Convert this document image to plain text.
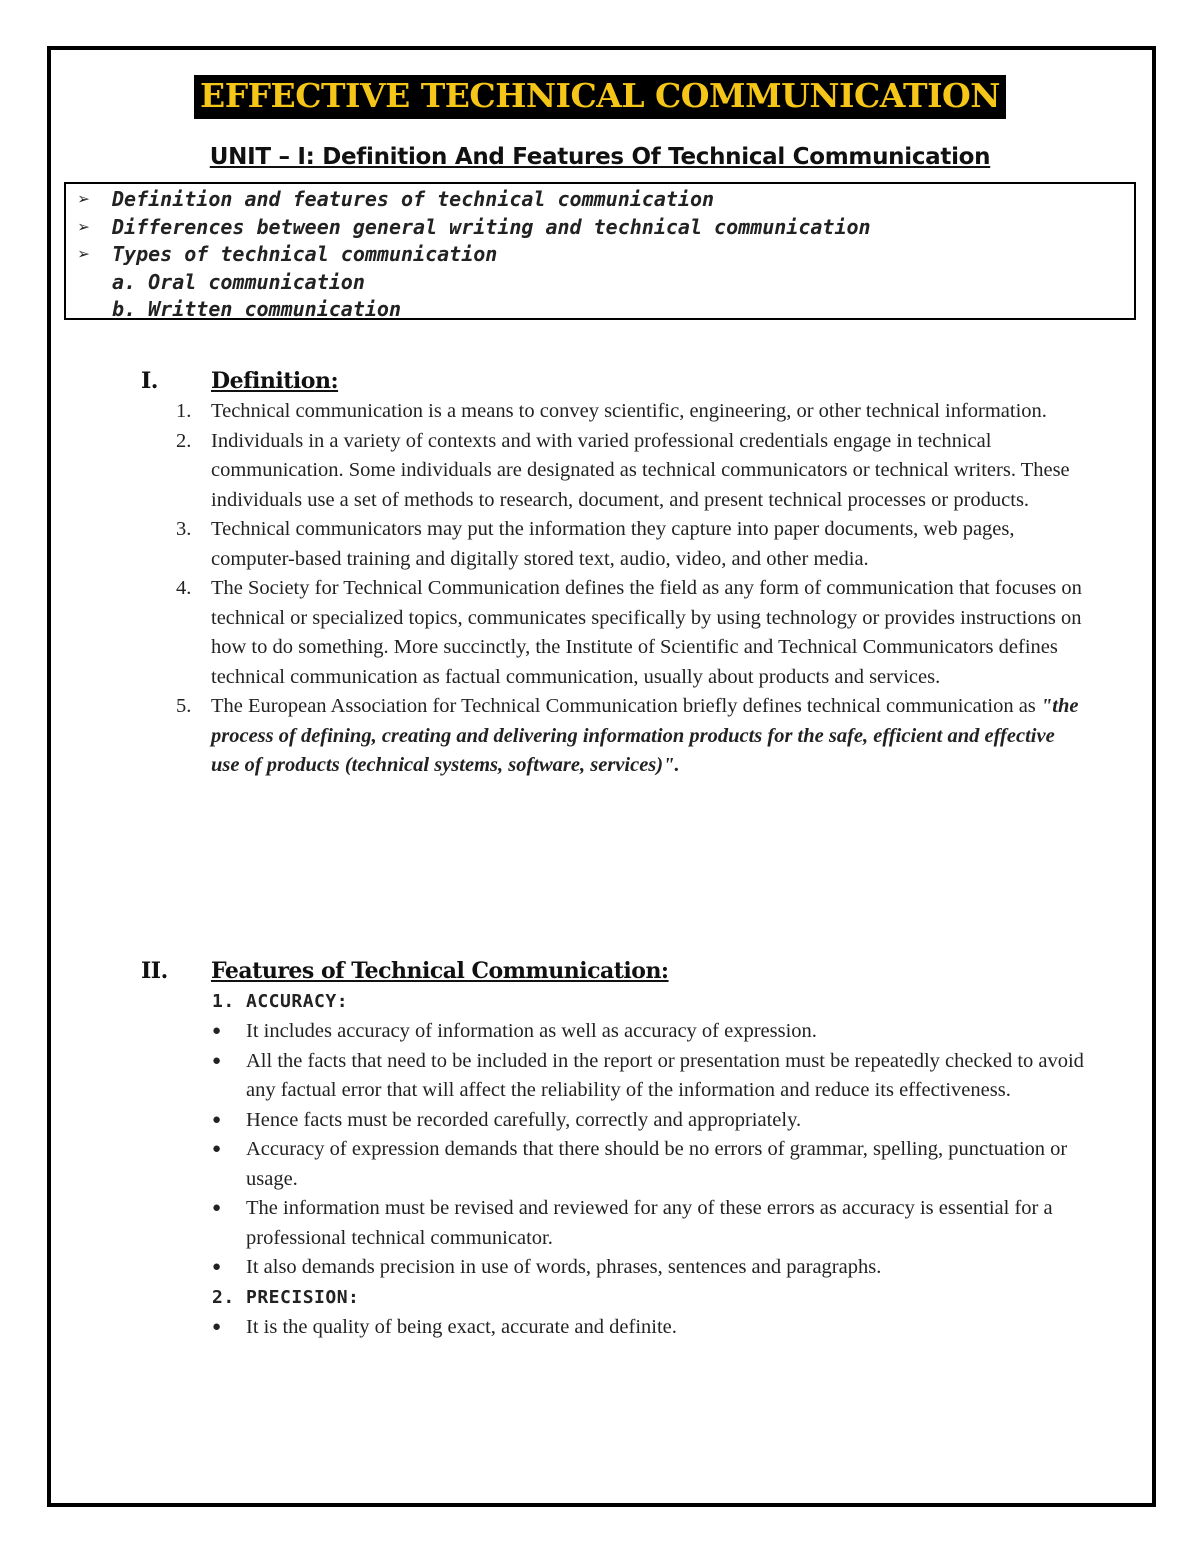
EFFECTIVE TECHNICAL COMMUNICATION
UNIT – I: Definition And Features Of Technical Communication
➢ Definition and features of technical communication
➢ Differences between general writing and technical communication
➢ Types of technical communication
a. Oral communication
b. Written communication
I. Definition:
1. Technical communication is a means to convey scientific, engineering, or other technical information.
2. Individuals in a variety of contexts and with varied professional credentials engage in technical communication. Some individuals are designated as technical communicators or technical writers. These individuals use a set of methods to research, document, and present technical processes or products.
3. Technical communicators may put the information they capture into paper documents, web pages, computer-based training and digitally stored text, audio, video, and other media.
4. The Society for Technical Communication defines the field as any form of communication that focuses on technical or specialized topics, communicates specifically by using technology or provides instructions on how to do something. More succinctly, the Institute of Scientific and Technical Communicators defines technical communication as factual communication, usually about products and services.
5. The European Association for Technical Communication briefly defines technical communication as "the process of defining, creating and delivering information products for the safe, efficient and effective use of products (technical systems, software, services)".
II. Features of Technical Communication:
1. ACCURACY:
● It includes accuracy of information as well as accuracy of expression.
● All the facts that need to be included in the report or presentation must be repeatedly checked to avoid any factual error that will affect the reliability of the information and reduce its effectiveness.
● Hence facts must be recorded carefully, correctly and appropriately.
● Accuracy of expression demands that there should be no errors of grammar, spelling, punctuation or usage.
● The information must be revised and reviewed for any of these errors as accuracy is essential for a professional technical communicator.
● It also demands precision in use of words, phrases, sentences and paragraphs.
2. PRECISION:
● It is the quality of being exact, accurate and definite.
